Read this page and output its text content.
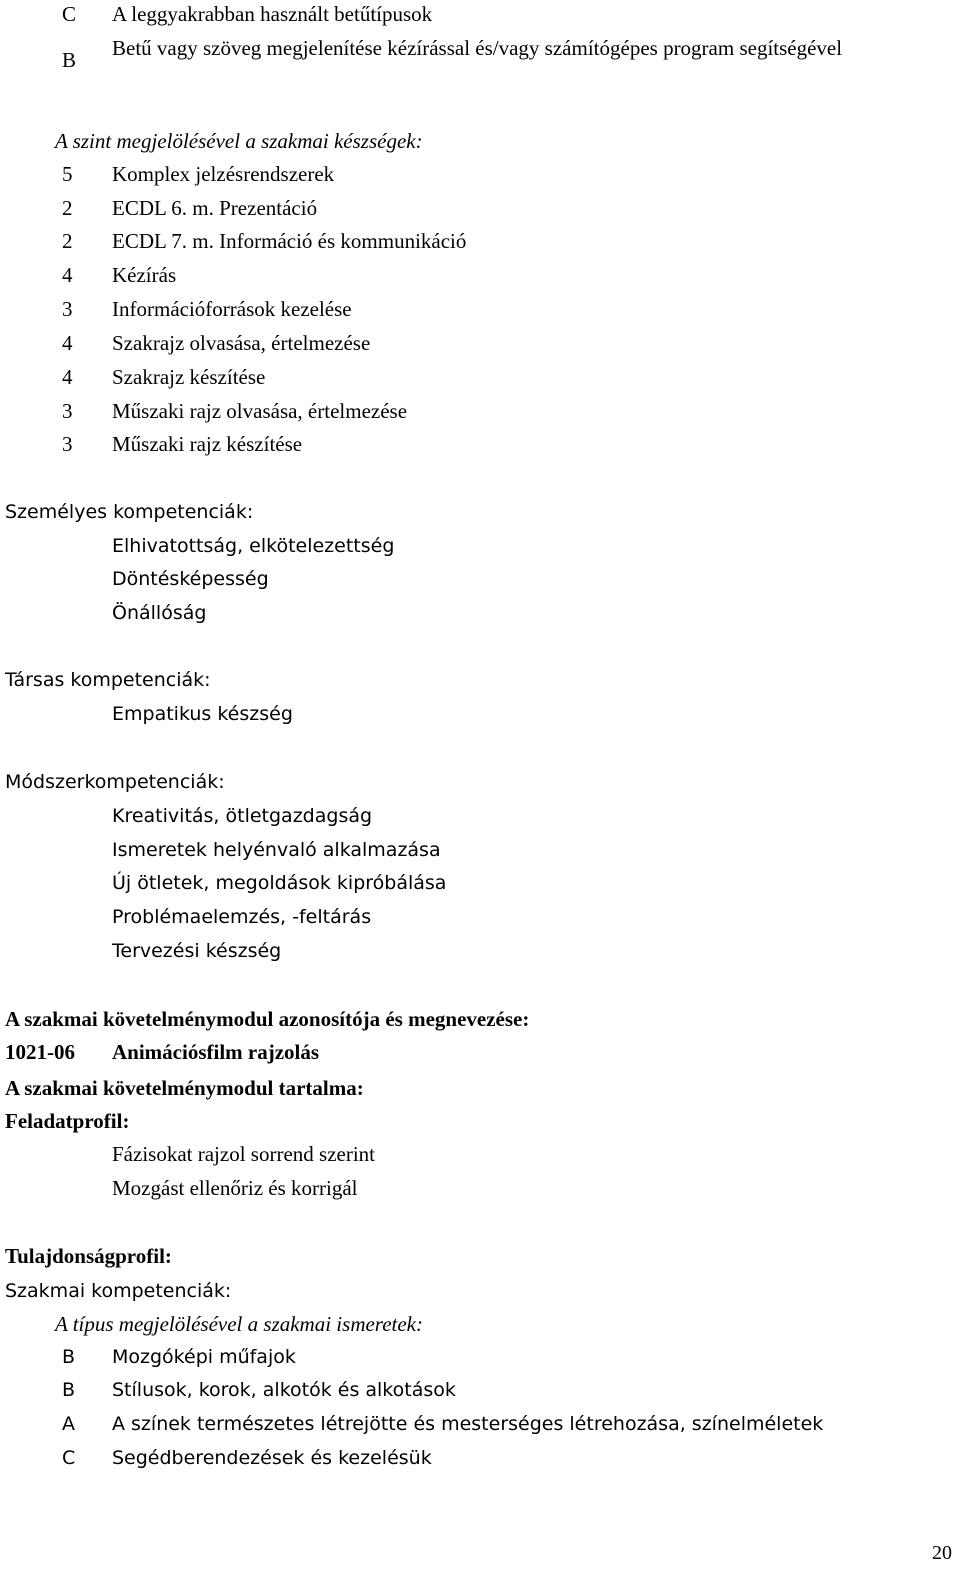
C	A leggyakrabban használt betűtípusok
B	Betű vagy szöveg megjelenítése kézírással és/vagy számítógépes program segítségével
A szint megjelölésével a szakmai készségek:
5	Komplex jelzésrendszerek
2	ECDL 6. m. Prezentáció
2	ECDL 7. m. Információ és kommunikáció
4	Kézírás
3	Információforrások kezelése
4	Szakrajz olvasása, értelmezése
4	Szakrajz készítése
3	Műszaki rajz olvasása, értelmezése
3	Műszaki rajz készítése
Személyes kompetenciák:
Elhivatottság, elkötelezettség
Döntésképesség
Önállóság
Társas kompetenciák:
Empatikus készség
Módszerkompetenciák:
Kreativitás, ötletgazdagság
Ismeretek helyénvaló alkalmazása
Új ötletek, megoldások kipróbálása
Problémaelemzés, -feltárás
Tervezési készség
A szakmai követelménymodul azonosítója és megnevezése:
1021-06 Animációsfilm rajzolás
A szakmai követelménymodul tartalma:
Feladatprofil:
Fázisokat rajzol sorrend szerint
Mozgást ellenőriz és korrigál
Tulajdonságprofil:
Szakmai kompetenciák:
A típus megjelölésével a szakmai ismeretek:
B	Mozgóképi műfajok
B	Stílusok, korok, alkotók és alkotások
A	A színek természetes létrejötte és mesterséges létrehozása, színelméletek
C	Segédberendezések és kezelésük
20
